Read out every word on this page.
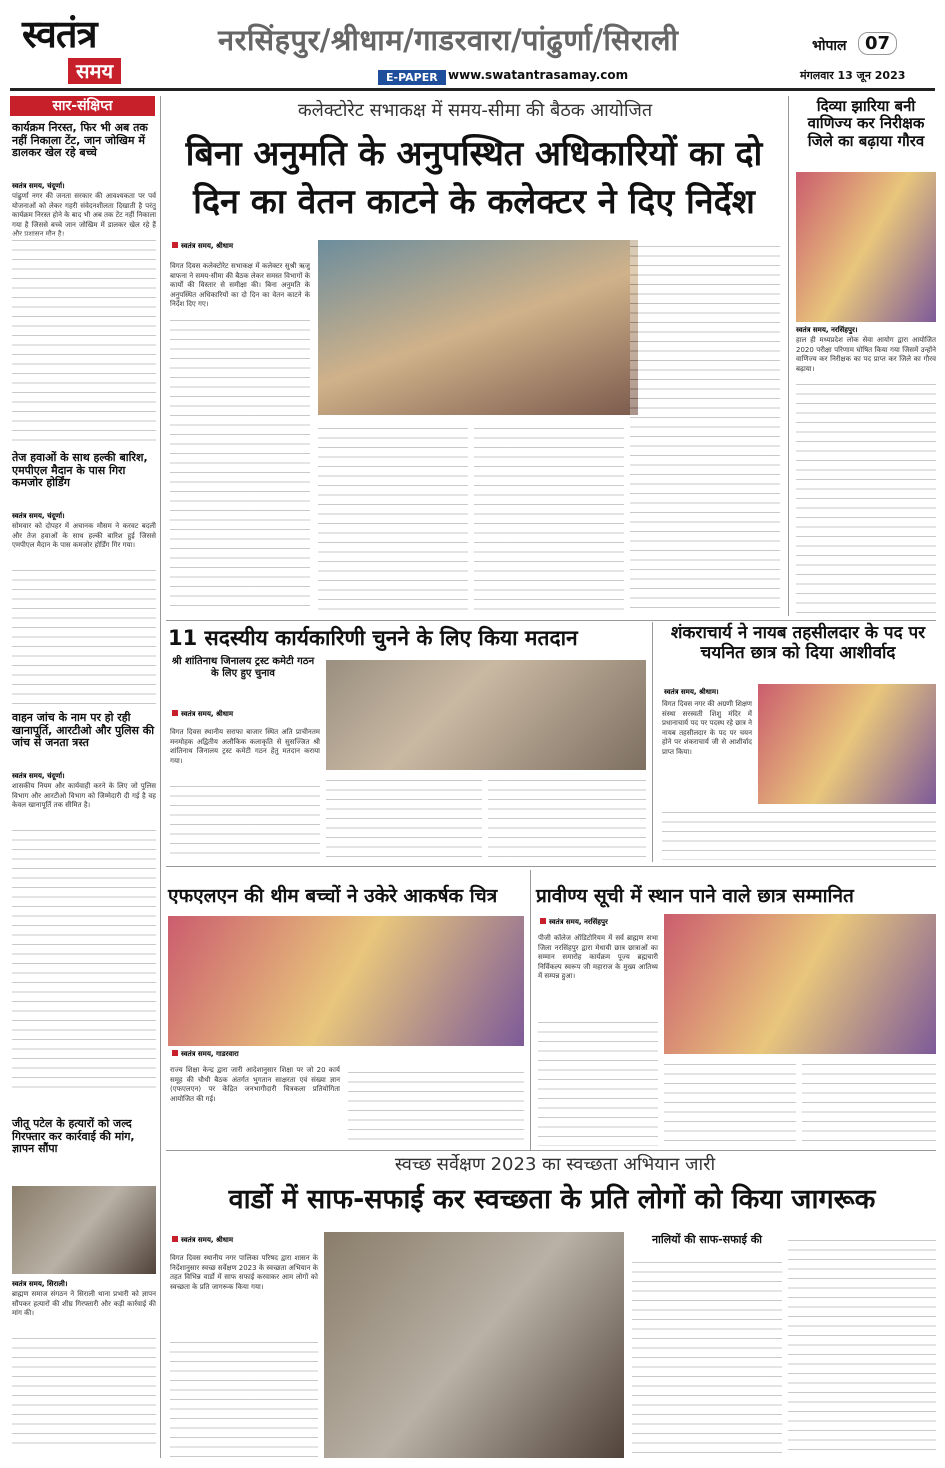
स्वतंत्र
समय
नरसिंहपुर/श्रीधाम/गाडरवारा/पांढुर्णा/सिराली
E-PAPER www.swatantrasamay.com
भोपाल	07
मंगलवार 13 जून 2023
सार-संक्षिप्त
कार्यक्रम निरस्त, फिर भी अब तक नहीं निकाला टेंट, जान जोखिम में डालकर खेल रहे बच्चे
स्वतंत्र समय, चंदूर्णा।
पांढुर्णा नगर की जनता सरकार की आवश्यकता पर पर्व योजनाओं को लेकर गहरी संवेदनशीलता दिखाती है परंतु कार्यक्रम निरस्त होने के बाद भी अब तक टेंट नहीं निकाला गया है जिससे बच्चे जान जोखिम में डालकर खेल रहे हैं और प्रशासन मौन है।
तेज हवाओं के साथ हल्की बारिश, एमपीएल मैदान के पास गिरा कमजोर होर्डिंग
स्वतंत्र समय, चंदूर्णा।
सोमवार को दोपहर में अचानक मौसम ने करवट बदली और तेज हवाओं के साथ हल्की बारिश हुई जिससे एमपीएल मैदान के पास कमजोर होर्डिंग गिर गया।
वाहन जांच के नाम पर हो रही खानापूर्ति, आरटीओ और पुलिस की जांच से जनता त्रस्त
स्वतंत्र समय, चंदूर्णा।
शासकीय नियम और कार्यवाही करने के लिए जो पुलिस विभाग और आरटीओ विभाग को जिम्मेदारी दी गई है वह केवल खानापूर्ति तक सीमित है।
जीतू पटेल के हत्यारों को जल्द गिरफ्तार कर कार्रवाई की मांग, ज्ञापन सौंपा
स्वतंत्र समय, सिराली।
ब्राह्मण समाज संगठन ने सिराली थाना प्रभारी को ज्ञापन सौंपकर हत्यारों की शीघ्र गिरफ्तारी और कड़ी कार्रवाई की मांग की।
कलेक्टोरेट सभाकक्ष में समय-सीमा की बैठक आयोजित
बिना अनुमति के अनुपस्थित अधिकारियों का दो दिन का वेतन काटने के कलेक्टर ने दिए निर्देश
स्वतंत्र समय, श्रीधाम
विगत दिवस कलेक्टोरेट सभाकक्ष में कलेक्टर सुश्री ऋजु बाफना ने समय-सीमा की बैठक लेकर समस्त विभागों के कार्यों की विस्तार से समीक्षा की। बिना अनुमति के अनुपस्थित अधिकारियों का दो दिन का वेतन काटने के निर्देश दिए गए।
दिव्या झारिया बनी वाणिज्य कर निरीक्षक जिले का बढ़ाया गौरव
स्वतंत्र समय, नरसिंहपुर।
हाल ही मध्यप्रदेश लोक सेवा आयोग द्वारा आयोजित 2020 परीक्षा परिणाम घोषित किया गया जिसमें उन्होंने वाणिज्य कर निरीक्षक का पद प्राप्त कर जिले का गौरव बढ़ाया।
11 सदस्यीय कार्यकारिणी चुनने के लिए किया मतदान
श्री शांतिनाथ जिनालय ट्रस्ट कमेटी गठन के लिए हुए चुनाव
स्वतंत्र समय, श्रीधाम
विगत दिवस स्थानीय सराफा बाजार स्थित अति प्राचीनतम मनमोहक अद्वितीय अलौकिक कलाकृति से सुसज्जित श्री शांतिनाथ जिनालय ट्रस्ट कमेटी गठन हेतु मतदान कराया गया।
शंकराचार्य ने नायब तहसीलदार के पद पर चयनित छात्र को दिया आशीर्वाद
स्वतंत्र समय, श्रीधाम।
विगत दिवस नगर की अग्रणी शिक्षण संस्था सरस्वती शिशु मंदिर में प्रधानाचार्य पद पर पदस्थ रहे छात्र ने नायब तहसीलदार के पद पर चयन होने पर शंकराचार्य जी से आशीर्वाद प्राप्त किया।
एफएलएन की थीम बच्चों ने उकेरे आकर्षक चित्र
स्वतंत्र समय, गाडरवारा
राज्य शिक्षा केन्द्र द्वारा जारी आदेशानुसार शिक्षा पर जो 20 कार्य समूह की चौथी बैठक अंतर्गत भुगतान साक्षरता एवं संख्या ज्ञान (एफएलएन) पर केंद्रित जनभागीदारी चित्रकला प्रतियोगिता आयोजित की गई।
प्रावीण्य सूची में स्थान पाने वाले छात्र सम्मानित
स्वतंत्र समय, नरसिंहपुर
पीजी कॉलेज ऑडिटोरियम में सर्व ब्राह्मण सभा जिला नरसिंहपुर द्वारा मेधावी छात्र छात्राओं का सम्मान समारोह कार्यक्रम पूज्य ब्रह्मचारी निर्विकल्प स्वरूप जी महाराज के मुख्य आतिथ्य में सम्पन्न हुआ।
स्वच्छ सर्वेक्षण 2023 का स्वच्छता अभियान जारी
वार्डो में साफ-सफाई कर स्वच्छता के प्रति लोगों को किया जागरूक
स्वतंत्र समय, श्रीधाम
विगत दिवस स्थानीय नगर पालिका परिषद द्वारा शासन के निर्देशानुसार स्वच्छ सर्वेक्षण 2023 के स्वच्छता अभियान के तहत विभिन्न वार्डो में साफ सफाई करवाकर आम लोगों को स्वच्छता के प्रति जागरूक किया गया।
नालियों की साफ-सफाई की
